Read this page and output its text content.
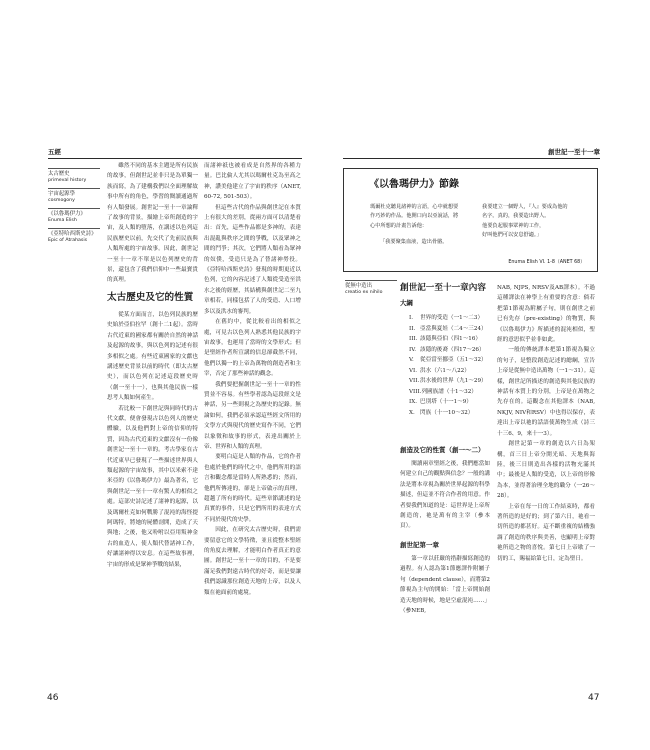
五經
太古歷史
primeval history
宇宙起源學
cosmogony
《以魯瑪伊力》
Enuma Elish
《亞特哈西斯史詩》
Epic of Atrahasis

雖然不同的基本主題是所有民族的故事，但創世記並非只是為單獨一族而寫，為了建構我們以全面理解故事中所有的角色，學習的閱讀通過所有人類發展。創世記一至十一章論釋了故事的背景，描繪上帝所創造的宇宙，及人類的墮落，在講述以色列這民族歷史以前，先交代了先前民族與人類所處的宇宙故事。因此，創世記一至十一章不單是以色列歷史的背景，還包含了我們信仰中一些最寶貴的真理。

太古歷史及它的性質

從某方面而言，以色列民族的歷史始於亞伯拉罕（創十二1起）。當時古代近東的國家都有關於自然的神話及起源的故事，與以色列的記述有很多相似之處。有些近東國家的文獻也講述歷史背景以前的時代（即太古歷史），而以色列在記述這段歷史時（創一至十一），也與其他民族一樣思考人類如何產生。

若比較一下創世記與同時代的古代文獻，便會發現古以色列人的歷史體驗，以及他們對上帝的信仰的特質，因為古代近東的文獻沒有一份像創世記一至十一章的。考古學家在古代近東早已發現了一些描述世界與人類起源的宇宙故事，其中以米索不達米亞的《以魯瑪伊力》最為著名，它與創世記一至十一章有驚人的相似之處。這部史詩記述了諸神的起源，以及瑪爾杜克如何戰勝了混沌的海怪提阿瑪特，將她的屍體剖開，造成了天與地；之後，他又吩咐以亞用叛神金古的血造人，使人類代替諸神工作，好讓諸神得以安息。在這些故事裡，宇宙的形成是眾神爭戰的結果，

而諸神祇也被看成是自然界的各種力量。巴比倫人尤其以瑪爾杜克為至高之神，讚美他建立了宇宙的秩序（ANET, 60-72, 501-503）。

但這些古代的作品與創世記在本質上有很大的差別，從兩方面可以清楚看出：首先，這些作品都是多神的，表達出混亂與秩序之間的爭戰，以及眾神之間的鬥爭；其次，它們將人類看為眾神的奴僕，受造只是為了替諸神勞役。《亞特哈西斯史詩》發現的時期更近以色列，它的內容記述了人類從受造至洪水之後的經歷，其結構與創世記二至九章相若，同樣包括了人的受造、人口增多以及洪水的審判。

在舊約中，從比較看出的相似之處，可見古以色列人熟悉其他民族的宇宙故事，也運用了當時的文學形式；但是聖經作者所宣講的信息卻截然不同，他們以獨一的上帝為萬物的創造者和主宰，否定了那些神話的觀念。

我們要把握創世記一至十一章的性質並不容易。有些學者認為這段經文是神話，另一些則視之為歷史的記錄。無論如何，我們必須承認這些經文所用的文學方式與現代的歷史寫作不同，它們以象徵和故事的形式，表達出關於上帝、世界和人類的真理。

要明白這是人類的作品，它的作者也處於他們的時代之中，他們所用的語言和觀念都是當時人所熟悉的；然而，他們所傳達的，卻是上帝啟示的真理，超越了所有的時代。這些章節講述的是真實的事件，只是它們所用的表達方式不同於現代的史學。

因此，在研究太古歷史時，我們需要留意它的文學特徵，並且從整本聖經的角度去理解，才能明白作者真正的意圖。創世記一至十一章的目的，不是要滿足我們對遠古時代的好奇，而是要讓我們認識那位創造天地的上帝，以及人類在祂面前的處境。

46
創世記一至十一章
《以魯瑪伊力》節錄
瑪爾杜克聽見諸神的言語，心中就想要
作巧妙的作品。他開口向以亞說話，將
心中所想的計畫告訴他：
「我要聚集血液，造出骨骼。
我要建立一個野人，『人』要成為他的
名字。真的，我要造出野人。
他要負起服事眾神的工作，
好叫他們可以安息舒適。」
Enuma Elish VI. 1-8（ANET 68）
從無中造出
creatio ex nihilo	創世記一至十一章內容
大綱
I. 世界的受造（一1～二3）
II. 亞當與夏娃（二4～三24）
III. 該隱與亞伯（四1～16）
IV. 該隱的後裔（四17～26）
V. 從亞當至挪亞（五1～32）
VI. 洪水（六1～八22）
VII.洪水後的世界（九1～29）
VIII.列國族譜（十1～32）
IX. 巴別塔（十一1～9）
X. 閃族（十一10～32）
創造及它的性質（創一～二）

閱讀兩章聖經之後，我們應當如何建立自己的觀點與信念？一般的講法是將本章視為關於世界起源的科學描述，但這並不符合作者的用意。作者要我們知道的是：這世界是上帝所創造的，祂是萬有的主宰（參本頁）。

創世記第一章

第一章以莊嚴的措辭描寫創造的過程。有人認為第1節應譯作附屬子句（dependent clause），而將第2節視為主句的開始：「當上帝開始創造天地的時候，地是空虛混沌……」（參NEB,

NAB, NJPS, NRSV及AB譯本）。不過這種譯法在神學上有重要的含意：倘若把第1節視為附屬子句，則在創世之前已有先存（pre-existing）的物質，與《以魯瑪伊力》所描述的混沌相似，聖經的意思似乎並非如此。

一般的傳統譯本把第1節視為獨立的句子，是整段創造記述的總綱，宣告上帝是從無中造出萬物（一1～31）。這樣，創世記所描述的創造與其他民族的神話有本質上的分別，上帝是在萬物之先存在的。這觀念在其他譯本（NAB, NKJV, NIV和RSV）中也得以保存，表達出上帝以祂的話語使萬物生成（詩三十三6、9，來十一3）。

創世記第一章的創造以六日為架構，首三日上帝分開光暗、天地與海陸，後三日則造出各樣的活物充滿其中；最後是人類的受造，以上帝的形像為本，並得著治理全地的職分（一26～28）。

上帝在每一日的工作結束時，都看著所造的是好的；到了第六日，祂看一切所造的都甚好。這不斷重複的結構強調了創造的秩序與美善，也顯明上帝對祂所造之物的喜悅。第七日上帝歇了一切的工，賜福給第七日，定為聖日。

47
